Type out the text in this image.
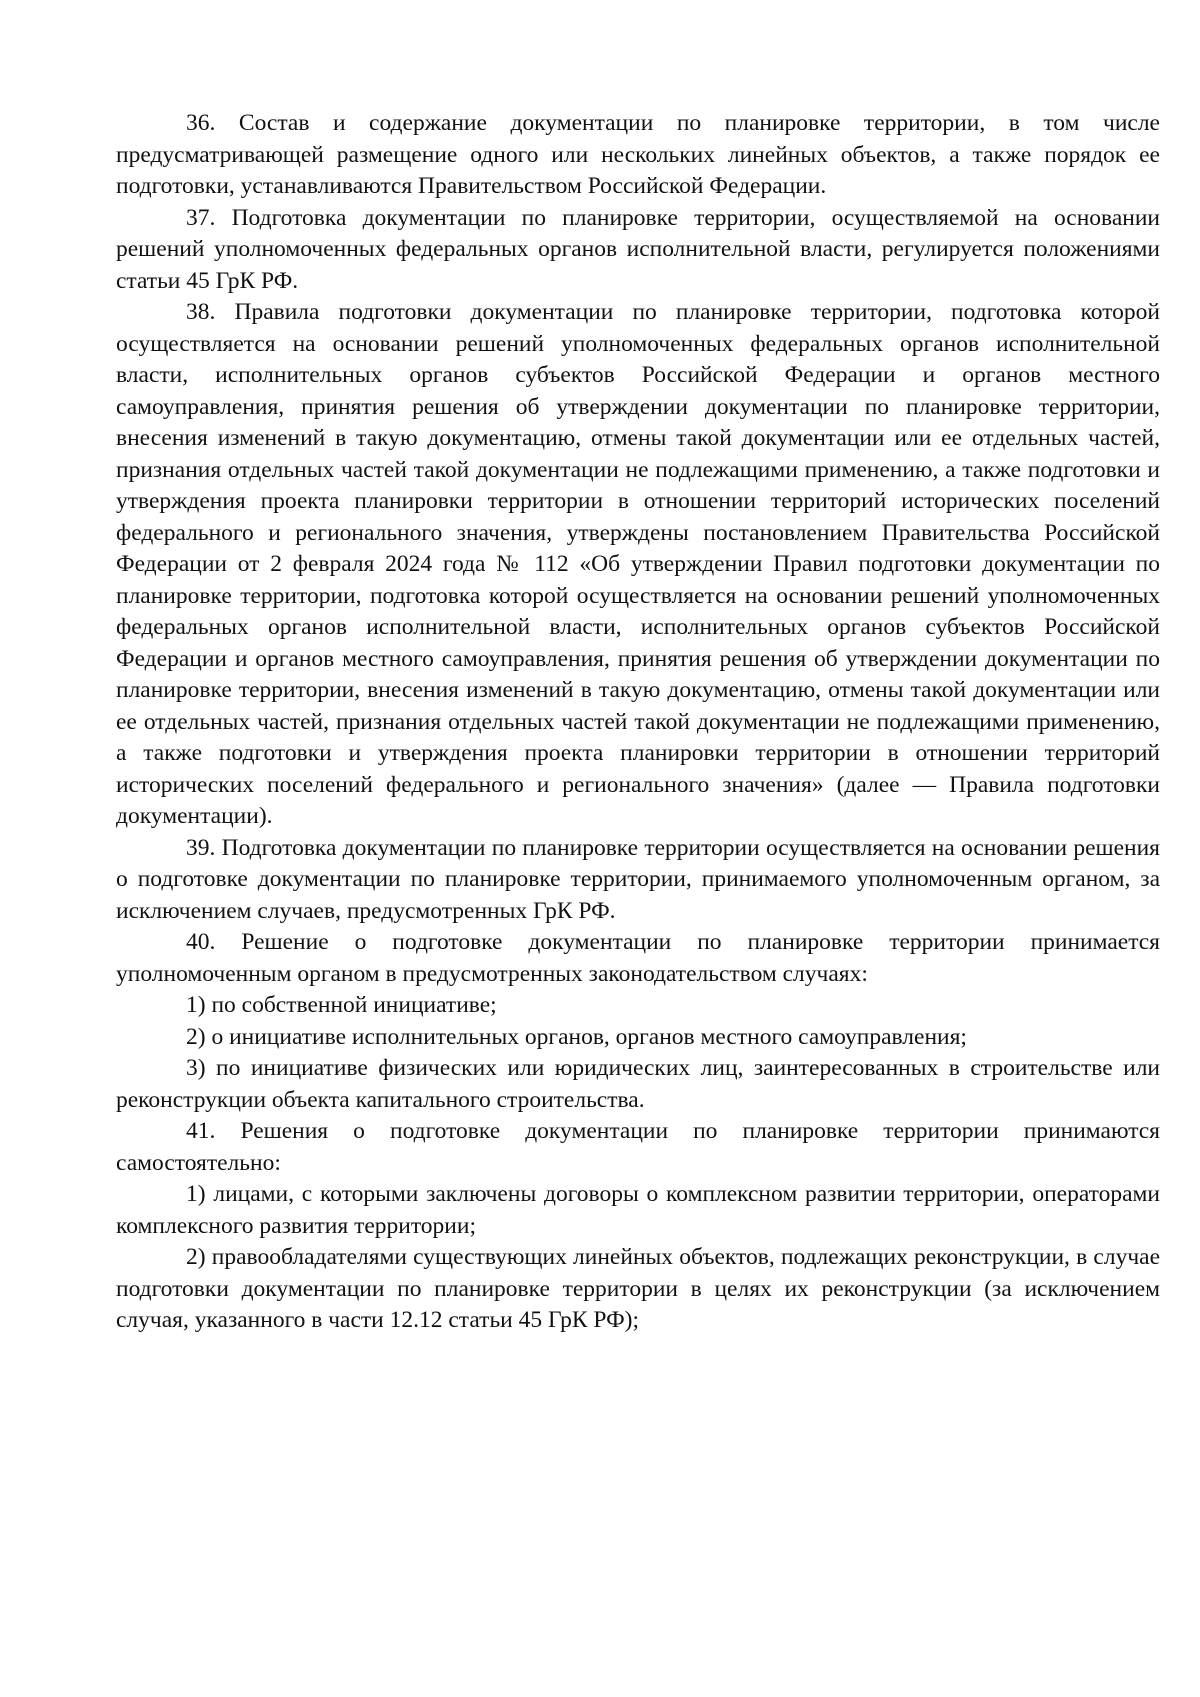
36. Состав и содержание документации по планировке территории, в том числе предусматривающей размещение одного или нескольких линейных объектов, а также порядок ее подготовки, устанавливаются Правительством Российской Федерации.

37. Подготовка документации по планировке территории, осуществляемой на основании решений уполномоченных федеральных органов исполнительной власти, регулируется положениями статьи 45 ГрК РФ.

38. Правила подготовки документации по планировке территории, подготовка которой осуществляется на основании решений уполномоченных федеральных органов исполнительной власти, исполнительных органов субъектов Российской Федерации и органов местного самоуправления, принятия решения об утверждении документации по планировке территории, внесения изменений в такую документацию, отмены такой документации или ее отдельных частей, признания отдельных частей такой документации не подлежащими применению, а также подготовки и утверждения проекта планировки территории в отношении территорий исторических поселений федерального и регионального значения, утверждены постановлением Правительства Российской Федерации от 2 февраля 2024 года № 112 «Об утверждении Правил подготовки документации по планировке территории, подготовка которой осуществляется на основании решений уполномоченных федеральных органов исполнительной власти, исполнительных органов субъектов Российской Федерации и органов местного самоуправления, принятия решения об утверждении документации по планировке территории, внесения изменений в такую документацию, отмены такой документации или ее отдельных частей, признания отдельных частей такой документации не подлежащими применению, а также подготовки и утверждения проекта планировки территории в отношении территорий исторических поселений федерального и регионального значения» (далее — Правила подготовки документации).

39. Подготовка документации по планировке территории осуществляется на основании решения о подготовке документации по планировке территории, принимаемого уполномоченным органом, за исключением случаев, предусмотренных ГрК РФ.

40. Решение о подготовке документации по планировке территории принимается уполномоченным органом в предусмотренных законодательством случаях:

1) по собственной инициативе;

2) о инициативе исполнительных органов, органов местного самоуправления;

3) по инициативе физических или юридических лиц, заинтересованных в строительстве или реконструкции объекта капитального строительства.

41. Решения о подготовке документации по планировке территории принимаются самостоятельно:

1) лицами, с которыми заключены договоры о комплексном развитии территории, операторами комплексного развития территории;

2) правообладателями существующих линейных объектов, подлежащих реконструкции, в случае подготовки документации по планировке территории в целях их реконструкции (за исключением случая, указанного в части 12.12 статьи 45 ГрК РФ);
